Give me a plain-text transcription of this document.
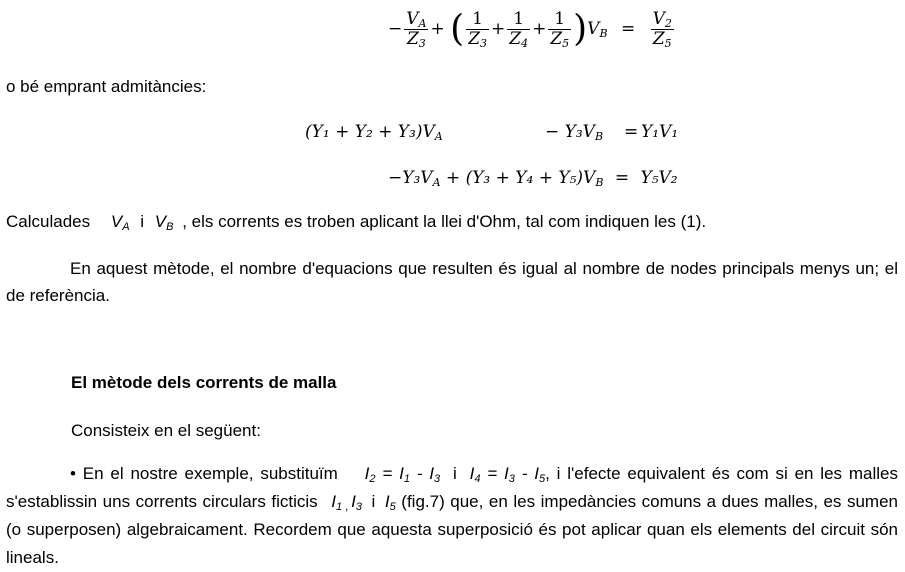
− $\frac{V_A}{Z_3}$ + ( $\frac{1}{Z_3} + \frac{1}{Z_4} + \frac{1}{Z_5} )V_B = \frac{V_2}{Z_5}$
o bé emprant admitàncies:
$(Y_1 + Y_2 + Y_3)V_A$	− $Y_3V_B = Y_1V_1$
$-Y_3V_A + (Y_3 + Y_4 + Y_5)V_B = Y_5V_2$
Calculades $V_A$ i $V_B$ , els corrents es troben aplicant la llei d'Ohm, tal com indiquen les (1).
En aquest mètode, el nombre d'equacions que resulten és igual al nombre de nodes principals menys un; el de referència.
El mètode dels corrents de malla
Consisteix en el següent:
• En el nostre exemple, substituïm $I_2 = I_1 - I_3$ i $I_4 = I_3 - I_5$, i l'efecte equivalent és com si en les malles s'establissin uns corrents circulars ficticis $I_1$ $_,$ $I_3$ i $I_5$ (fig.7) que, en les impedàncies comuns a dues malles, es sumen (o superposen) algebraicament. Recordem que aquesta superposició és pot aplicar quan els elements del circuit són lineals.
